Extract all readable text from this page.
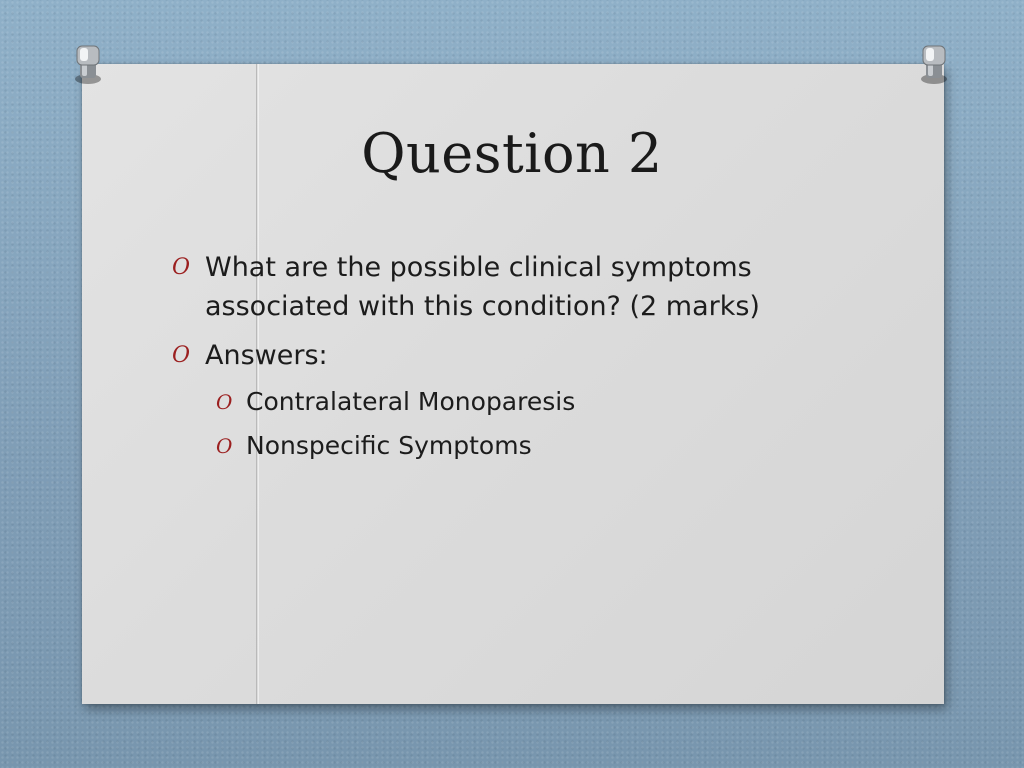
Question 2
O What are the possible clinical symptoms
associated with this condition? (2 marks)
O Answers:
O Contralateral Monoparesis
O Nonspecific Symptoms
